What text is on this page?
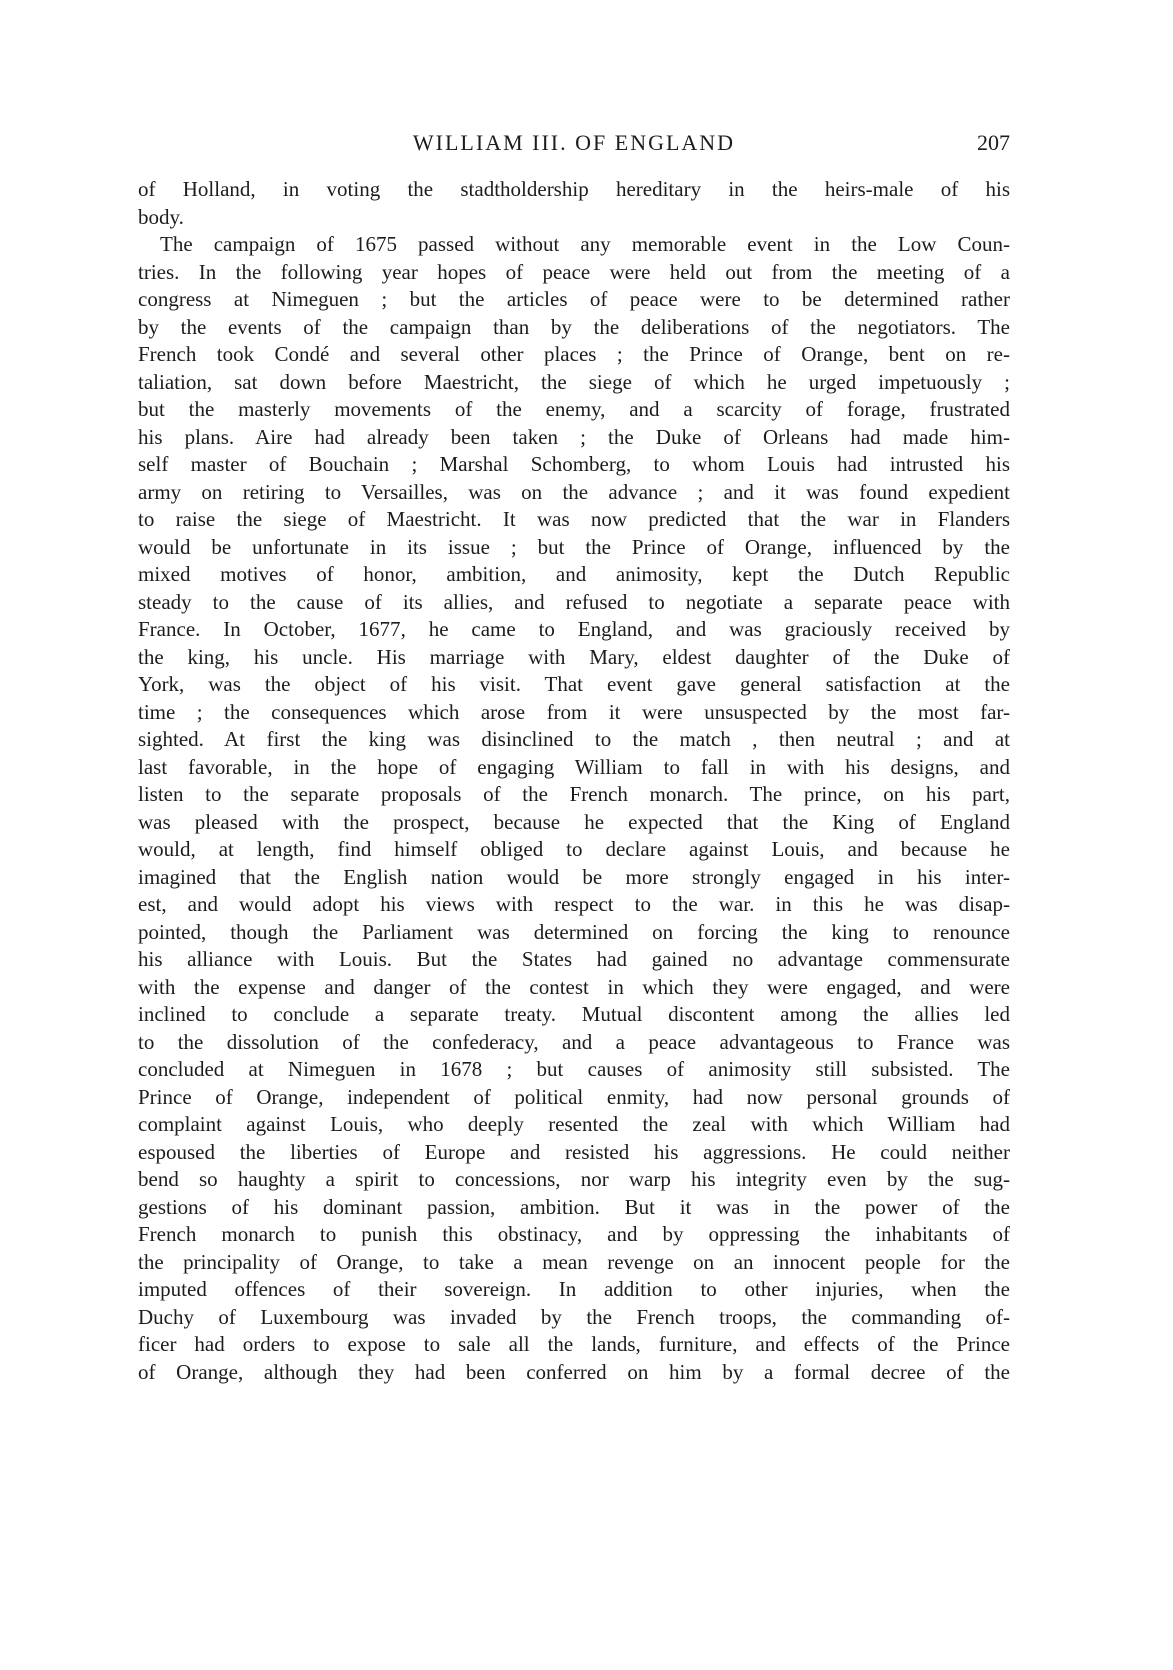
WILLIAM III. OF ENGLAND	207
of Holland, in voting the stadtholdership hereditary in the heirs-male of his
body.
The campaign of 1675 passed without any memorable event in the Low Coun-
tries. In the following year hopes of peace were held out from the meeting of a
congress at Nimeguen ; but the articles of peace were to be determined rather
by the events of the campaign than by the deliberations of the negotiators. The
French took Condé and several other places ; the Prince of Orange, bent on re-
taliation, sat down before Maestricht, the siege of which he urged impetuously ;
but the masterly movements of the enemy, and a scarcity of forage, frustrated
his plans. Aire had already been taken ; the Duke of Orleans had made him-
self master of Bouchain ; Marshal Schomberg, to whom Louis had intrusted his
army on retiring to Versailles, was on the advance ; and it was found expedient
to raise the siege of Maestricht. It was now predicted that the war in Flanders
would be unfortunate in its issue ; but the Prince of Orange, influenced by the
mixed motives of honor, ambition, and animosity, kept the Dutch Republic
steady to the cause of its allies, and refused to negotiate a separate peace with
France. In October, 1677, he came to England, and was graciously received by
the king, his uncle. His marriage with Mary, eldest daughter of the Duke of
York, was the object of his visit. That event gave general satisfaction at the
time ; the consequences which arose from it were unsuspected by the most far-
sighted. At first the king was disinclined to the match , then neutral ; and at
last favorable, in the hope of engaging William to fall in with his designs, and
listen to the separate proposals of the French monarch. The prince, on his part,
was pleased with the prospect, because he expected that the King of England
would, at length, find himself obliged to declare against Louis, and because he
imagined that the English nation would be more strongly engaged in his inter-
est, and would adopt his views with respect to the war. in this he was disap-
pointed, though the Parliament was determined on forcing the king to renounce
his alliance with Louis. But the States had gained no advantage commensurate
with the expense and danger of the contest in which they were engaged, and were
inclined to conclude a separate treaty. Mutual discontent among the allies led
to the dissolution of the confederacy, and a peace advantageous to France was
concluded at Nimeguen in 1678 ; but causes of animosity still subsisted. The
Prince of Orange, independent of political enmity, had now personal grounds of
complaint against Louis, who deeply resented the zeal with which William had
espoused the liberties of Europe and resisted his aggressions. He could neither
bend so haughty a spirit to concessions, nor warp his integrity even by the sug-
gestions of his dominant passion, ambition. But it was in the power of the
French monarch to punish this obstinacy, and by oppressing the inhabitants of
the principality of Orange, to take a mean revenge on an innocent people for the
imputed offences of their sovereign. In addition to other injuries, when the
Duchy of Luxembourg was invaded by the French troops, the commanding of-
ficer had orders to expose to sale all the lands, furniture, and effects of the Prince
of Orange, although they had been conferred on him by a formal decree of the
